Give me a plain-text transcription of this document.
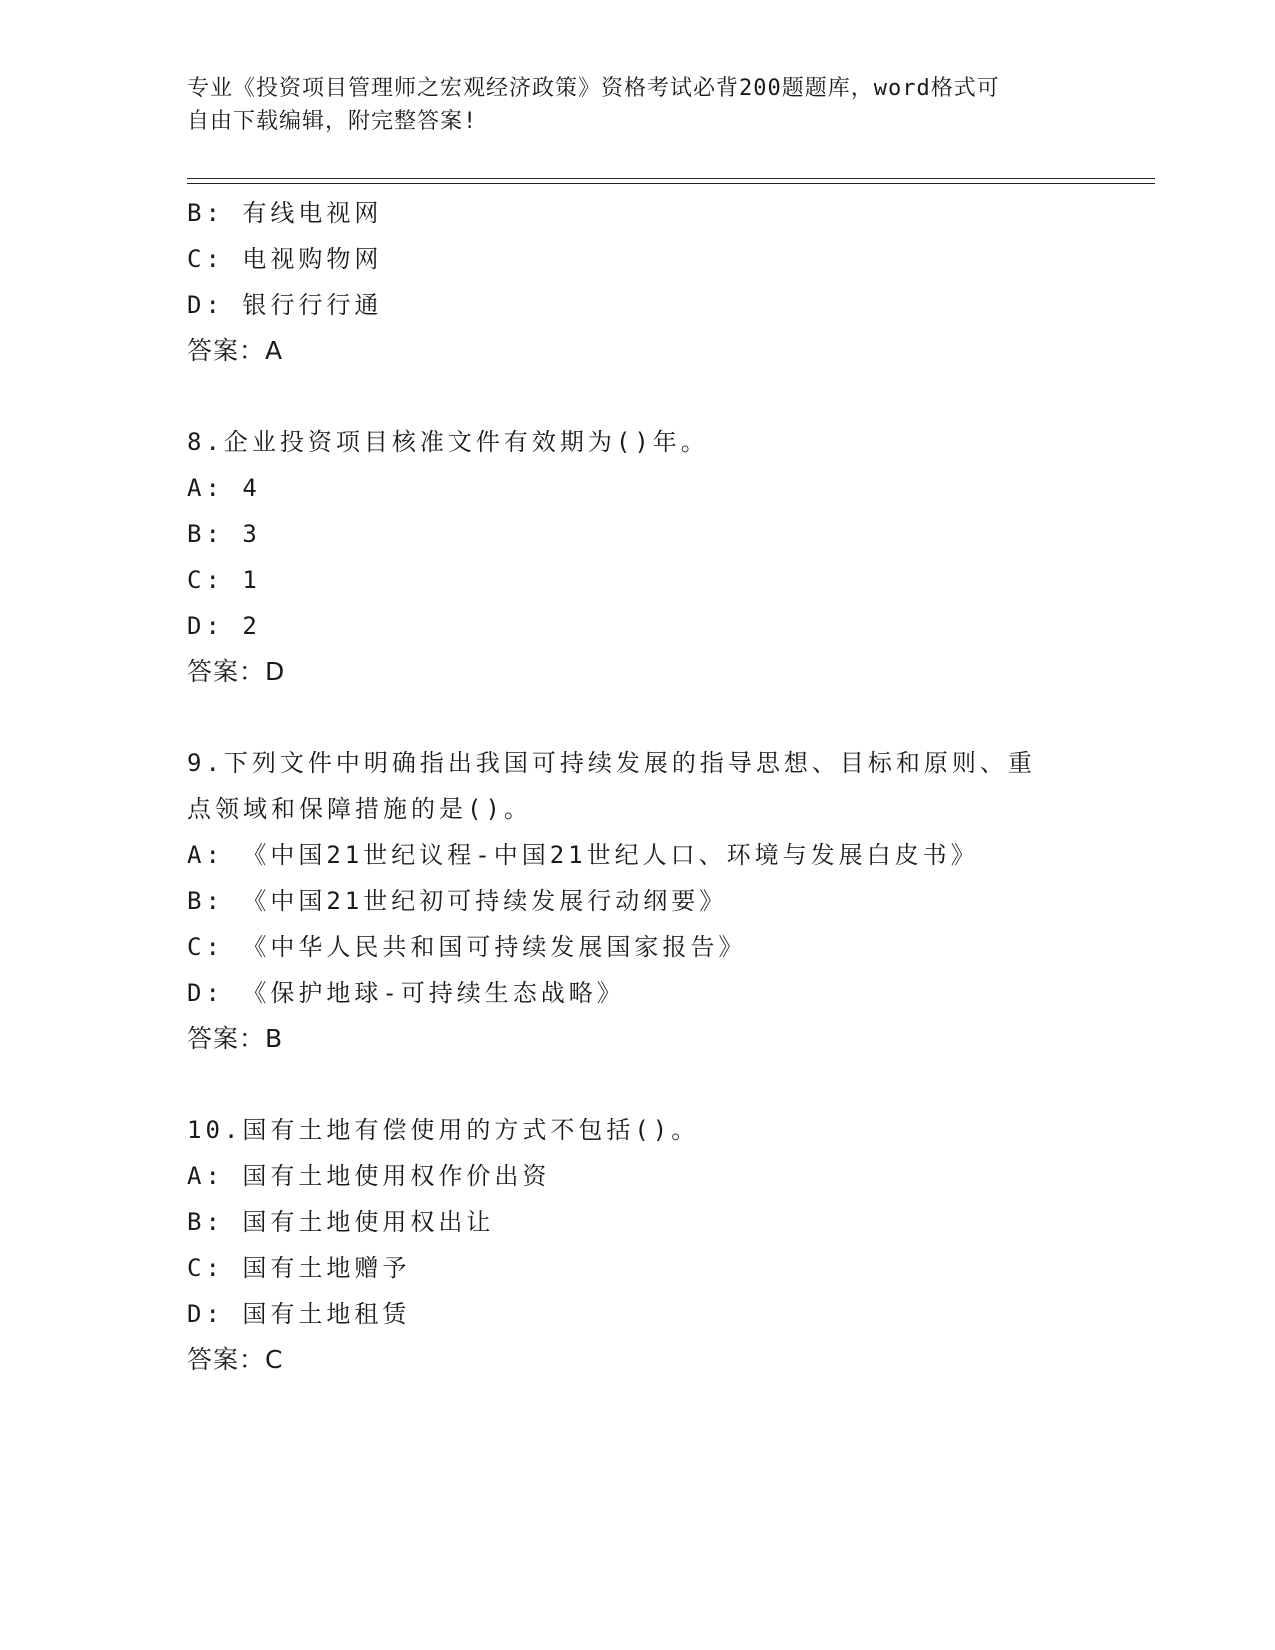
专业《投资项目管理师之宏观经济政策》资格考试必背200题题库，word格式可
自由下载编辑，附完整答案!
B: 有线电视网
C: 电视购物网
D: 银行行行通
答案：A
8.企业投资项目核准文件有效期为()年。
A: 4
B: 3
C: 1
D: 2
答案：D
9.下列文件中明确指出我国可持续发展的指导思想、目标和原则、重
点领域和保障措施的是()。
A: 《中国21世纪议程-中国21世纪人口、环境与发展白皮书》
B: 《中国21世纪初可持续发展行动纲要》
C: 《中华人民共和国可持续发展国家报告》
D: 《保护地球-可持续生态战略》
答案：B
10.国有土地有偿使用的方式不包括()。
A: 国有土地使用权作价出资
B: 国有土地使用权出让
C: 国有土地赠予
D: 国有土地租赁
答案：C
